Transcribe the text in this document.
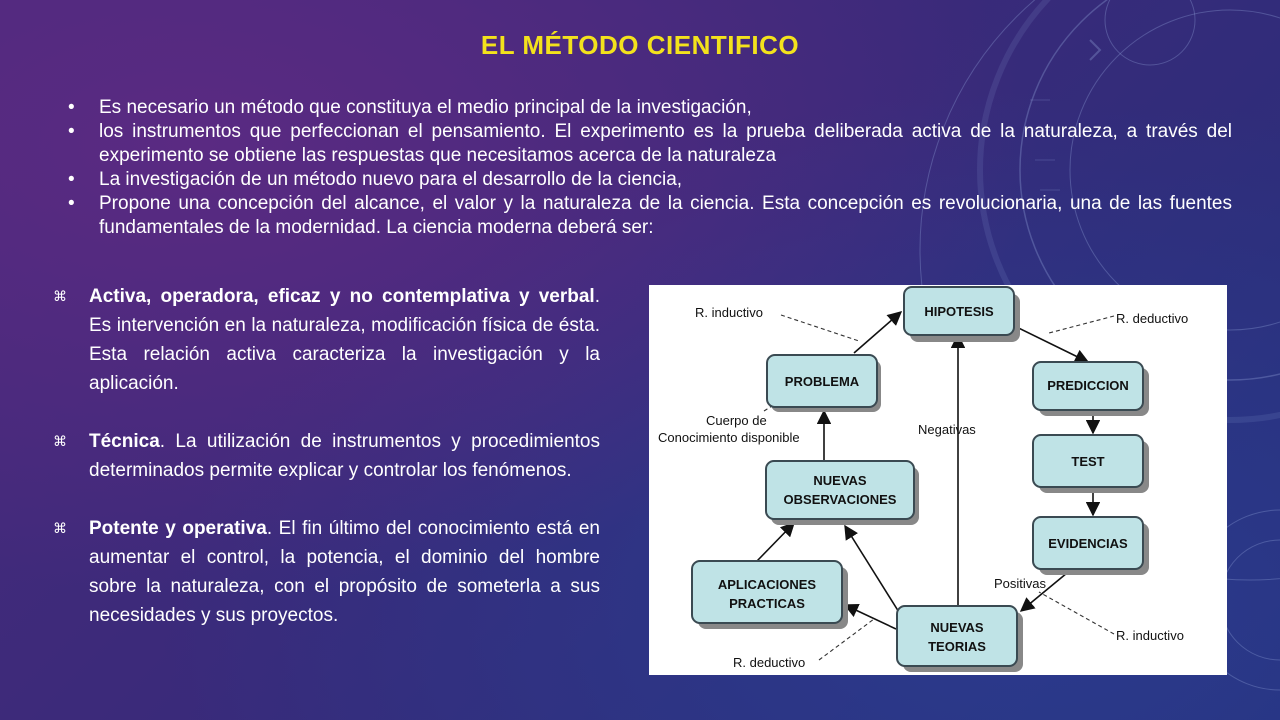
EL MÉTODO CIENTIFICO
• Es necesario un método que constituya el medio principal de la investigación,
• los instrumentos que perfeccionan el pensamiento. El experimento es la prueba deliberada activa de la naturaleza, a través del experimento se obtiene las respuestas que necesitamos acerca de la naturaleza
• La investigación de un método nuevo para el desarrollo de la ciencia,
• Propone una concepción del alcance, el valor y la naturaleza de la ciencia. Esta concepción es revolucionaria, una de las fuentes fundamentales de la modernidad. La ciencia moderna deberá ser:
⌘ Activa, operadora, eficaz y no contemplativa y verbal. Es intervención en la naturaleza, modificación física de ésta. Esta relación activa caracteriza la investigación y la aplicación.
⌘ Técnica. La utilización de instrumentos y procedimientos determinados permite explicar y controlar los fenómenos.
⌘ Potente y operativa. El fin último del conocimiento está en aumentar el control, la potencia, el dominio del hombre sobre la naturaleza, con el propósito de someterla a sus necesidades y sus proyectos.
HIPOTESIS
PROBLEMA	PREDICCION
TEST
EVIDENCIAS
NUEVAS
OBSERVACIONES
APLICACIONES
PRACTICAS
NUEVAS
TEORIAS
R. inductivo	R. deductivo
Cuerpo de
Conocimiento disponible
Negativas
Positivas
R. inductivo
R. deductivo
